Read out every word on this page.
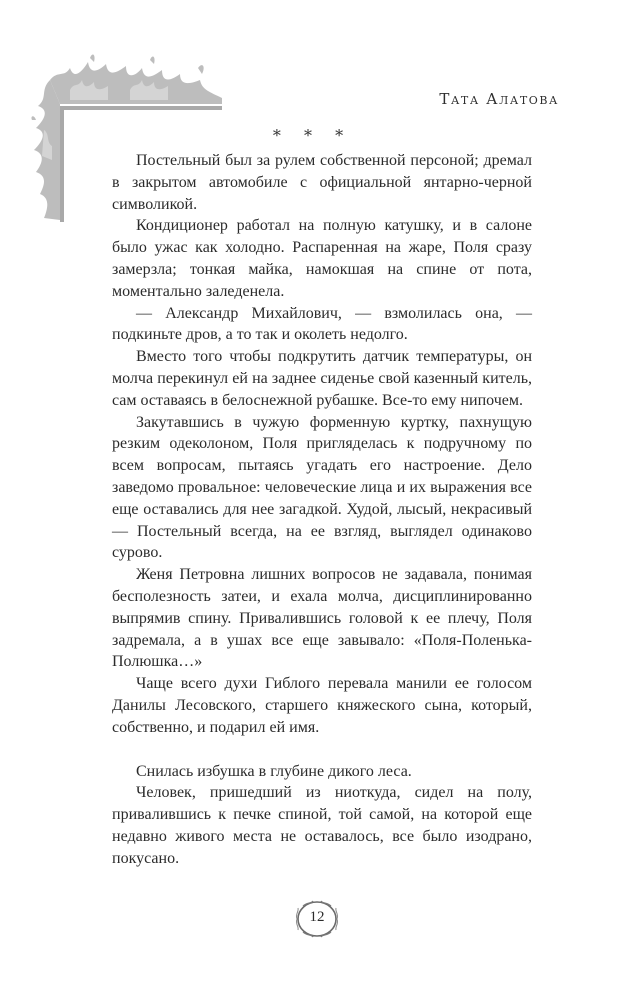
Тата Алатова
* * *

Постельный был за рулем собственной персоной; дремал в закрытом автомобиле с официальной янтарно-черной символикой.

Кондиционер работал на полную катушку, и в салоне было ужас как холодно. Распаренная на жаре, Поля сразу замерзла; тонкая майка, намокшая на спине от пота, моментально заледенела.

— Александр Михайлович, — взмолилась она, — подкиньте дров, а то так и околеть недолго.

Вместо того чтобы подкрутить датчик температуры, он молча перекинул ей на заднее сиденье свой казенный китель, сам оставаясь в белоснежной рубашке. Все-то ему нипочем.

Закутавшись в чужую форменную куртку, пахнущую резким одеколоном, Поля пригляделась к подручному по всем вопросам, пытаясь угадать его настроение. Дело заведомо провальное: человеческие лица и их выражения все еще оставались для нее загадкой. Худой, лысый, некрасивый — Постельный всегда, на ее взгляд, выглядел одинаково сурово.

Женя Петровна лишних вопросов не задавала, понимая бесполезность затеи, и ехала молча, дисциплинированно выпрямив спину. Привалившись головой к ее плечу, Поля задремала, а в ушах все еще завывало: «Поля-Поленька-Полюшка…»

Чаще всего духи Гиблого перевала манили ее голосом Данилы Лесовского, старшего княжеского сына, который, собственно, и подарил ей имя.

Снилась избушка в глубине дикого леса.

Человек, пришедший из ниоткуда, сидел на полу, привалившись к печке спиной, той самой, на которой еще недавно живого места не оставалось, все было изодрано, покусано.

12
